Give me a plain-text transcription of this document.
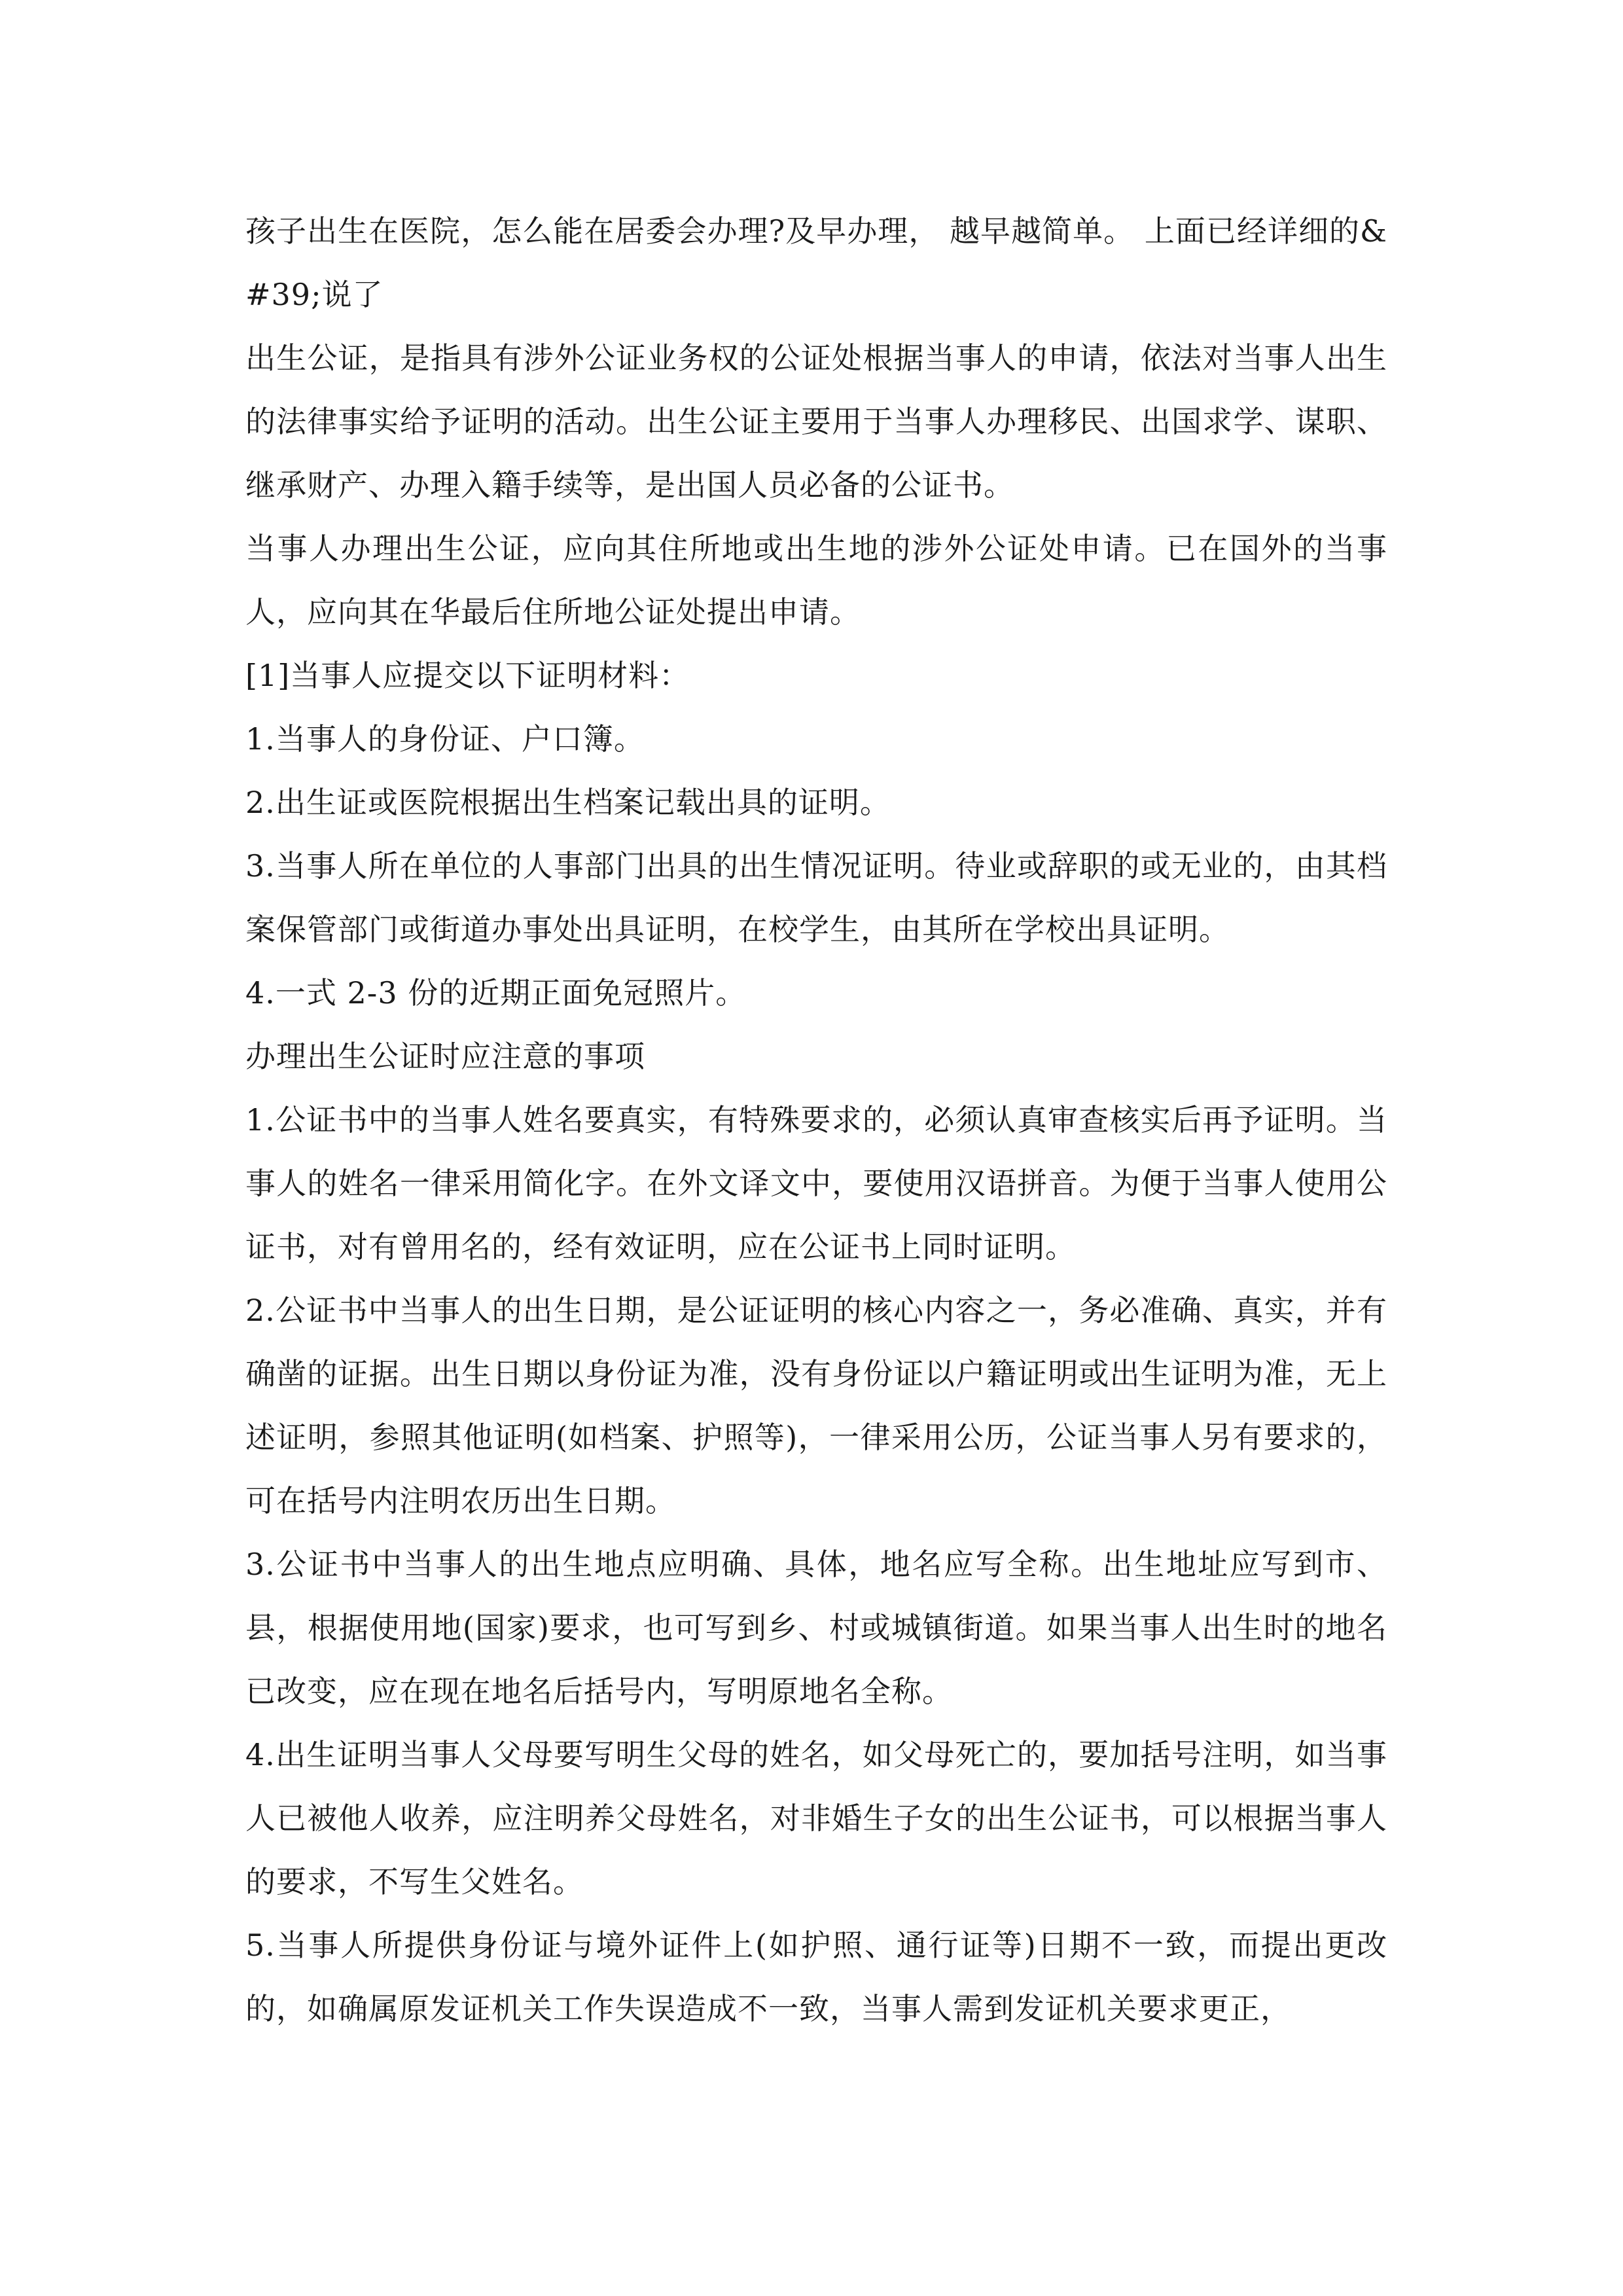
孩子出生在医院，怎么能在居委会办理?及早办理， 越早越简单。 上面已经详细的&#39;说了

出生公证，是指具有涉外公证业务权的公证处根据当事人的申请，依法对当事人出生的法律事实给予证明的活动。出生公证主要用于当事人办理移民、出国求学、谋职、继承财产、办理入籍手续等，是出国人员必备的公证书。

当事人办理出生公证，应向其住所地或出生地的涉外公证处申请。已在国外的当事人，应向其在华最后住所地公证处提出申请。

[1]当事人应提交以下证明材料：

1.当事人的身份证、户口簿。

2.出生证或医院根据出生档案记载出具的证明。

3.当事人所在单位的人事部门出具的出生情况证明。待业或辞职的或无业的，由其档案保管部门或街道办事处出具证明，在校学生，由其所在学校出具证明。

4.一式 2-3 份的近期正面免冠照片。

办理出生公证时应注意的事项

1.公证书中的当事人姓名要真实，有特殊要求的，必须认真审查核实后再予证明。当事人的姓名一律采用简化字。在外文译文中，要使用汉语拼音。为便于当事人使用公证书，对有曾用名的，经有效证明，应在公证书上同时证明。

2.公证书中当事人的出生日期，是公证证明的核心内容之一，务必准确、真实，并有确凿的证据。出生日期以身份证为准，没有身份证以户籍证明或出生证明为准，无上述证明，参照其他证明(如档案、护照等)，一律采用公历，公证当事人另有要求的，可在括号内注明农历出生日期。

3.公证书中当事人的出生地点应明确、具体，地名应写全称。出生地址应写到市、县，根据使用地(国家)要求，也可写到乡、村或城镇街道。如果当事人出生时的地名已改变，应在现在地名后括号内，写明原地名全称。

4.出生证明当事人父母要写明生父母的姓名，如父母死亡的，要加括号注明，如当事人已被他人收养，应注明养父母姓名，对非婚生子女的出生公证书，可以根据当事人的要求，不写生父姓名。

5.当事人所提供身份证与境外证件上(如护照、通行证等)日期不一致，而提出更改的，如确属原发证机关工作失误造成不一致，当事人需到发证机关要求更正，
